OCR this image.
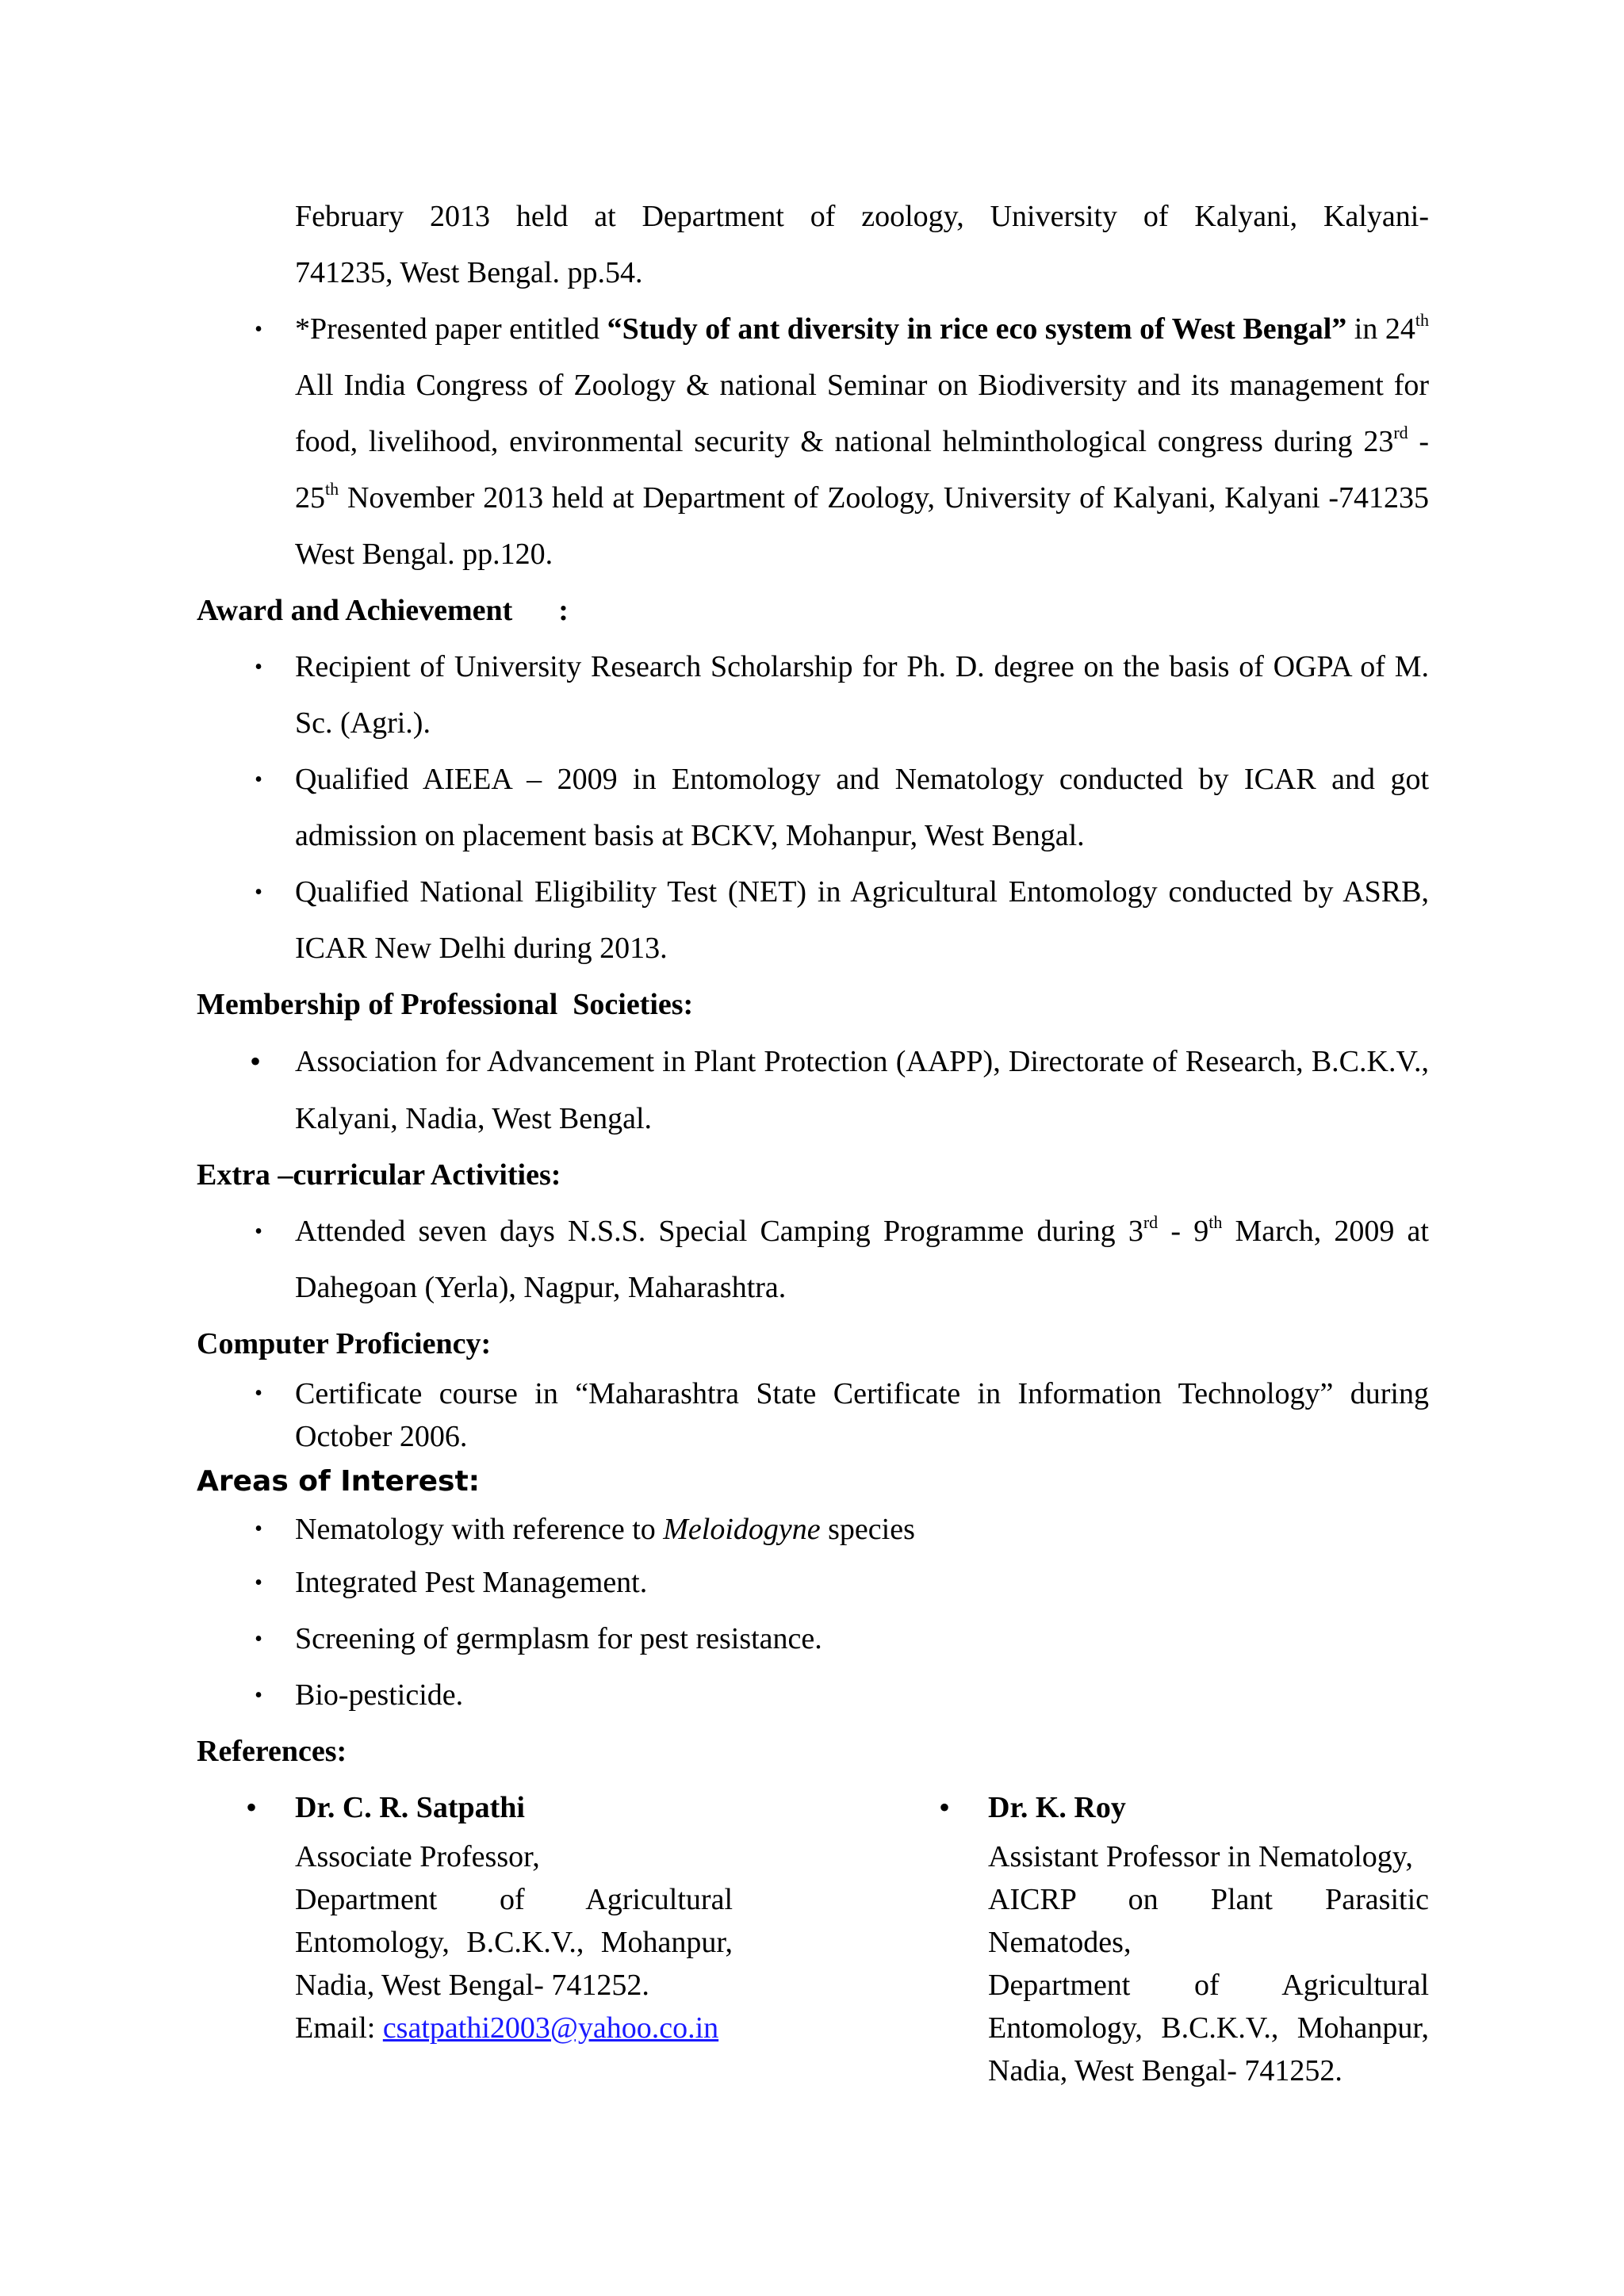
February 2013 held at Department of zoology, University of Kalyani, Kalyani-
741235, West Bengal. pp.54.
• *Presented paper entitled “Study of ant diversity in rice eco system of West Bengal” in 24th All India Congress of Zoology & national Seminar on Biodiversity and its management for food, livelihood, environmental security & national helminthological congress during 23rd - 25th November 2013 held at Department of Zoology, University of Kalyani, Kalyani -741235 West Bengal. pp.120.
Award and Achievement :
• Recipient of University Research Scholarship for Ph. D. degree on the basis of OGPA of M. Sc. (Agri.).
• Qualified AIEEA – 2009 in Entomology and Nematology conducted by ICAR and got admission on placement basis at BCKV, Mohanpur, West Bengal.
• Qualified National Eligibility Test (NET) in Agricultural Entomology conducted by ASRB, ICAR New Delhi during 2013.
Membership of Professional  Societies:
• Association for Advancement in Plant Protection (AAPP), Directorate of Research, B.C.K.V., Kalyani, Nadia, West Bengal.
Extra –curricular Activities:
• Attended seven days N.S.S. Special Camping Programme during 3rd - 9th March, 2009 at Dahegoan (Yerla), Nagpur, Maharashtra.
Computer Proficiency:
• Certificate course in “Maharashtra State Certificate in Information Technology” during October 2006.
Areas of Interest:
• Nematology with reference to Meloidogyne species
• Integrated Pest Management.
• Screening of germplasm for pest resistance.
• Bio-pesticide.
References:
• Dr. C. R. Satpathi
Associate Professor,
Department of Agricultural
Entomology, B.C.K.V., Mohanpur,
Nadia, West Bengal- 741252.
Email: csatpathi2003@yahoo.co.in
• Dr. K. Roy
Assistant Professor in Nematology,
AICRP on Plant Parasitic Nematodes,
Department of Agricultural
Entomology, B.C.K.V., Mohanpur,
Nadia, West Bengal- 741252.
